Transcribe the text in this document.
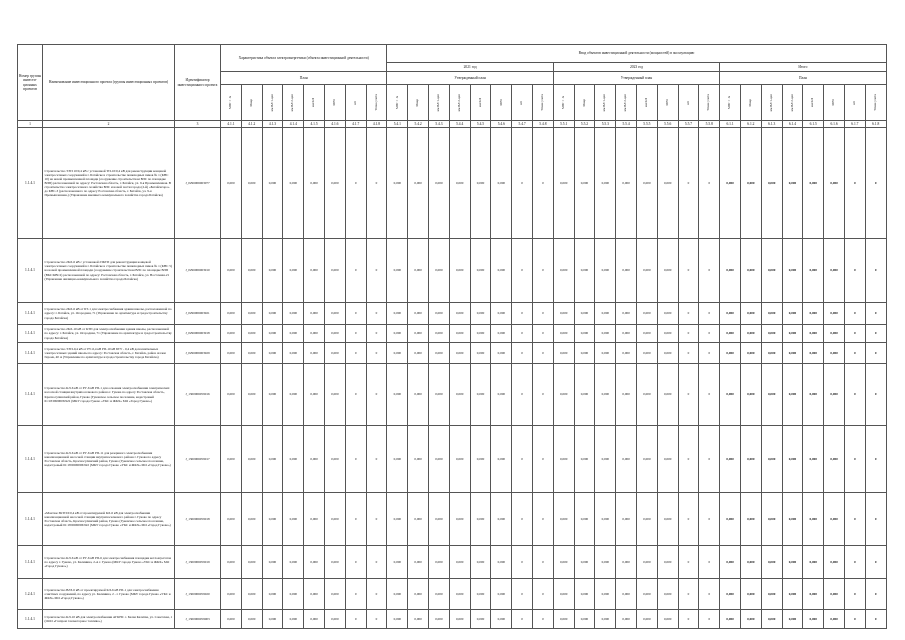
Номер группы инвести-ционных проектов	Наименование инвестиционного проекта (группы инвестиционных проектов)	Идентификатор инвестиционного проекта	Характеристика объекта электроэнергетики (объекта инвестиционной деятельности)								Ввод объектов инвестиционной деятельности (мощностей) в эксплуатацию																							
											2021 год								2023 год								Итого							
			План								Утвержденный план								Утвержденный план								План							

			МВт×А	Мвар	км ВЛ 1-цеп	км ВЛ 2-цеп	км КЛ	МВт	шт	Точка учета	МВт×А	Мвар	км ВЛ 1-цеп	км ВЛ 2-цеп	км КЛ	МВт	шт	Точки учета	МВт×А	Мвар	км ВЛ 1-цеп	км ВЛ 2-цеп	км КЛ	МВт	шт	Точки учета	МВт×А	Мвар	км ВЛ 1-цеп	км ВЛ 2-цеп	км КЛ	МВт	шт	Точки учета

1	2	3	4.1.1	4.1.2	4.1.3	4.1.4	4.1.5	4.1.6	4.1.7	4.1.8	5.4.1	5.4.2	5.4.3	5.4.4	5.4.5	5.4.6	5.4.7	5.4.8	5.5.1	5.5.2	5.5.3	5.5.4	5.5.5	5.5.6	5.5.7	5.5.8	6.1.1	6.1.2	6.1.3	6.1.4	6.1.5	6.1.6	6.1.7	6.1.8
1.1.4.1	Строительство ТЭП 10/0,4 кВ с установкой ТП-10/0,4 кВ для реконструкции концевой электросетевых сооружений в г. Батайске в строительстве пешеходных пиков № 1 (КНС 10) на новой промышленной площади (сооружение строительством ВЛС по площадке ВЛП) расположенной по адресу: Ростовская область, г. Батайск, ул. 9-я Промышленная. В строительство электросетевого хозяйства ВЛС и новой части города (2-й) «Батайскгоро» до КНС-3 (расположенного по адресу Ростовская область, г. Батайск, ул. 9-я Промышленная-) (Управление внешнего коммунального хозяйства города Батайска)	J_0296006063077	0,000	0,000	0,000	0,000	0,000	0,000	0	0	0,000	0,000	0,000	0,000	0,000	0,000	0	0	0,000	0,000	0,000	0,000	0,000	0,000	0	0	0,000	0,000	0,000	0,000	0,000	0,000	0	0
1.1.4.1	Строительство 2КЛ-6 кВ с установкой 2ЗКТП для реконструкции концевой электросетевых сооружений в г. Батайске в строительстве пешеходных пиков № 1 (КНС 5) на новой промышленной площади (сооружение строительством ВЛС по площадке ВЛП (ВКС/КВС2) расположенной по адресу: Ростовская область, г. Батайск, ул. Восточная-21 (Управление жилищно-коммунального хозяйства города Батайска)	J_0296006063910	0,000	0,000	0,000	0,000	0,000	0,000	0	0	0,000	0,000	0,000	0,000	0,000	0,000	0	0	0,000	0,000	0,000	0,000	0,000	0,000	0	0	0,000	0,000	0,000	0,000	0,000	0,000	0	0
1.1.4.1	Строительство 2КЛ-6 кВ от БТ-1 для электроснабжения здания школы, расположенной по адресу: г. Батайск, ул. Огородная, 71 (Управление по архитектуре и градостроительству города Батайска)	J_0296006063921	0,000	0,000	0,000	0,000	0,000	0,000	0	0	0,000	0,000	0,000	0,000	0,000	0,000	0	0	0,000	0,000	0,000	0,000	0,000	0,000	0	0	0,000	0,000	0,000	0,000	0,000	0,000	0	0
1.1.4.1	Строительство 2КЛ-10 кВ от КТП для электроснабжения здания школы, расположенной по адресу: г. Батайск, ул. Огородная, 71 (Управление по архитектуре и градостроительству города Батайска)	J_0296006063918	0,000	0,000	0,000	0,000	0,000	0,000	0	0	0,000	0,000	0,000	0,000	0,000	0,000	0	0	0,000	0,000	0,000	0,000	0,000	0,000	0	0	0,000	0,000	0,000	0,000	0,000	0,000	0	0
1.1.4.1	Строительство ТЭП-0,4 кВ от РУ-0,4 кВ РП-10 кВ БТУ - 0,4 кВ дополнительных электросетевых зданий школы по адресу: Ростовская область, г. Батайск, район Аллеи Героев, 40 А (Управление по архитектуре и градостроительству города Батайска)	J_0296006063929	0,000	0,000	0,000	0,000	0,000	0,000	0	0	0,000	0,000	0,000	0,000	0,000	0,000	0	0	0,000	0,000	0,000	0,000	0,000	0,000	0	0	0,000	0,000	0,000	0,000	0,000	0,000	0	0
1.1.4.1	Строительство КЛ-6 кВ от РУ-6 кВ РП-1 для освоения электроснабжения электрических насосной станции внутрипоселкового района г. Гукова по адресу Ростовская область, Красносулинский район, Гуково (Гуковское сельское поселение, кадастровый 61:18:0600006:922 (МКУ города Гуково «УКС и ЖКХ» МО «Город Гуково»)	J_1300006059016	0,000	0,000	0,000	0,000	0,000	0,000	0	0	0,000	0,000	0,000	0,000	0,000	0,000	0	0	0,000	0,000	0,000	0,000	0,000	0,000	0	0	0,000	0,000	0,000	0,000	0,000	0,000	0	0
1.1.4.1	Строительство КЛ-6 кВ от РУ-6 кВ РП-11 для резервного электроснабжения канализационной насосной станции внутрипоселкового района г. Гукова по адресу Ростовская область, Красносулинский район, Гуково (Гуковское сельское поселение, кадастровый 61:18:0600006:922 (МКУ города Гуково «УКС и ЖКХ» МО «Город Гуково»)	J_1300006059017	0,000	0,000	0,000	0,000	0,000	0,000	0	0	0,000	0,000	0,000	0,000	0,000	0,000	0	0	0,000	0,000	0,000	0,000	0,000	0,000	0	0	0,000	0,000	0,000	0,000	0,000	0,000	0	0
1.1.4.1	«Монтаж ЗКТП 6/0,4 кВ от проектируемой КЛ-6 кВ для электроснабжения канализационной насосной станции внутрипоселкового района г. Гуково по адресу Ростовская область, Красносулинский район, Гуково (Гуковское сельское поселение, кадастровый 61:18:0600006:922 (МКУ города Гуково «УКС и ЖКХ» МО «Город Гуково»)	J_1300006059018	0,000	0,000	0,000	0,000	0,000	0,000	0	0	0,000	0,000	0,000	0,000	0,000	0,000	0	0	0,000	0,000	0,000	0,000	0,000	0,000	0	0	0,000	0,000	0,000	0,000	0,000	0,000	0	0
1.1.4.1	Строительство КЛ-6 кВ от РУ-6 кВ РП-6 для электроснабжения площадки котлоагрегатов по адресу г. Гуково, ул. Калинина, 2-А г. Гуково (МКУ города Гуково «УКС и ЖКХ» МО «Город Гуково»)	J_1300006059019	0,000	0,000	0,000	0,000	0,000	0,000	0	0	0,000	0,000	0,000	0,000	0,000	0,000	0	0	0,000	0,000	0,000	0,000	0,000	0,000	0	0	0,000	0,000	0,000	0,000	0,000	0,000	0	0
1.2.4.1	Строительство ВЛЗ-6 кВ от проектируемой КЛ-6 кВ РП-1 для электроснабжения очистных сооружений, по адресу ул. Калинина, 2 - г. Гуково (МКУ города Гуково «УКС и ЖКХ» МО «Город Гуково»)	J_1300006059020	0,000	0,000	0,000	0,000	0,000	0,000	0	0	0,000	0,000	0,000	0,000	0,000	0,000	0	0	0,000	0,000	0,000	0,000	0,000	0,000	0	0	0,000	0,000	0,000	0,000	0,000	0,000	0	0
1.1.4.1	Строительство КЛ-10 кВ для электроснабжения АГКНС с. Белая Калитва, ул. Советская, 1 (ООО «Газпром газомоторное топливо»)	J_1300006059003	0,000	0,000	0,000	0,000	0,000	0,000	0	0	0,000	0,000	0,000	0,000	0,000	0,000	0	0	0,000	0,000	0,000	0,000	0,000	0,000	0	0	0,000	0,000	0,000	0,000	0,000	0,000	0	0
